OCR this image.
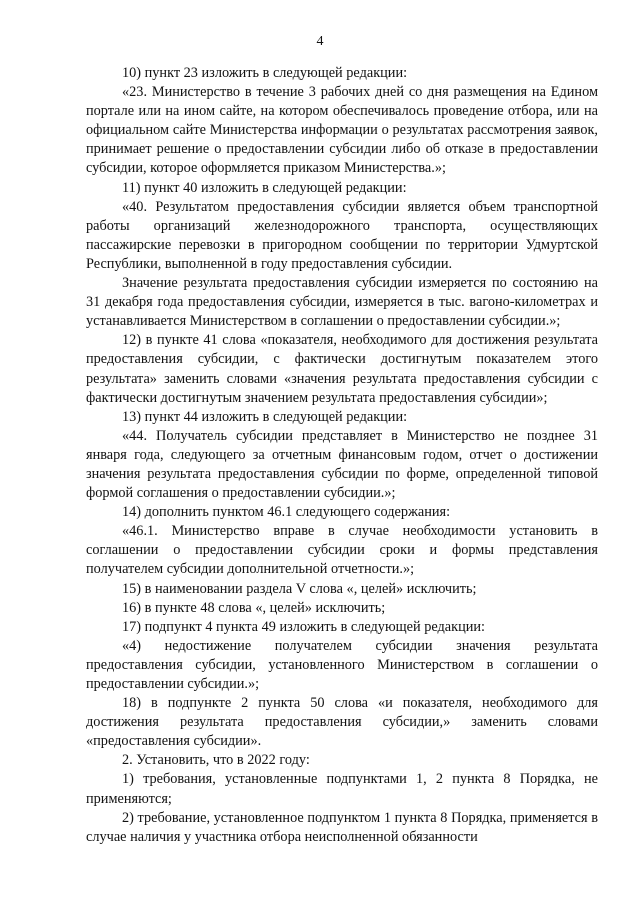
4

10) пункт 23 изложить в следующей редакции:

«23. Министерство в течение 3 рабочих дней со дня размещения на Едином портале или на ином сайте, на котором обеспечивалось проведение отбора, или на официальном сайте Министерства информации о результатах рассмотрения заявок, принимает решение о предоставлении субсидии либо об отказе в предоставлении субсидии, которое оформляется приказом Министерства.»;

11) пункт 40 изложить в следующей редакции:

«40. Результатом предоставления субсидии является объем транспортной работы организаций железнодорожного транспорта, осуществляющих пассажирские перевозки в пригородном сообщении по территории Удмуртской Республики, выполненной в году предоставления субсидии.

Значение результата предоставления субсидии измеряется по состоянию на 31 декабря года предоставления субсидии, измеряется в тыс. вагоно-километрах и устанавливается Министерством в соглашении о предоставлении субсидии.»;

12) в пункте 41 слова «показателя, необходимого для достижения результата предоставления субсидии, с фактически достигнутым показателем этого результата» заменить словами «значения результата предоставления субсидии с фактически достигнутым значением результата предоставления субсидии»;

13) пункт 44 изложить в следующей редакции:

«44. Получатель субсидии представляет в Министерство не позднее 31 января года, следующего за отчетным финансовым годом, отчет о достижении значения результата предоставления субсидии по форме, определенной типовой формой соглашения о предоставлении субсидии.»;

14) дополнить пунктом 46.1 следующего содержания:

«46.1. Министерство вправе в случае необходимости установить в соглашении о предоставлении субсидии сроки и формы представления получателем субсидии дополнительной отчетности.»;

15) в наименовании раздела V слова «, целей» исключить;

16) в пункте 48 слова «, целей» исключить;

17) подпункт 4 пункта 49 изложить в следующей редакции:

«4) недостижение получателем субсидии значения результата предоставления субсидии, установленного Министерством в соглашении о предоставлении субсидии.»;

18) в подпункте 2 пункта 50 слова «и показателя, необходимого для достижения результата предоставления субсидии,» заменить словами «предоставления субсидии».

2. Установить, что в 2022 году:

1) требования, установленные подпунктами 1, 2 пункта 8 Порядка, не применяются;

2) требование, установленное подпунктом 1 пункта 8 Порядка, применяется в случае наличия у участника отбора неисполненной обязанности
